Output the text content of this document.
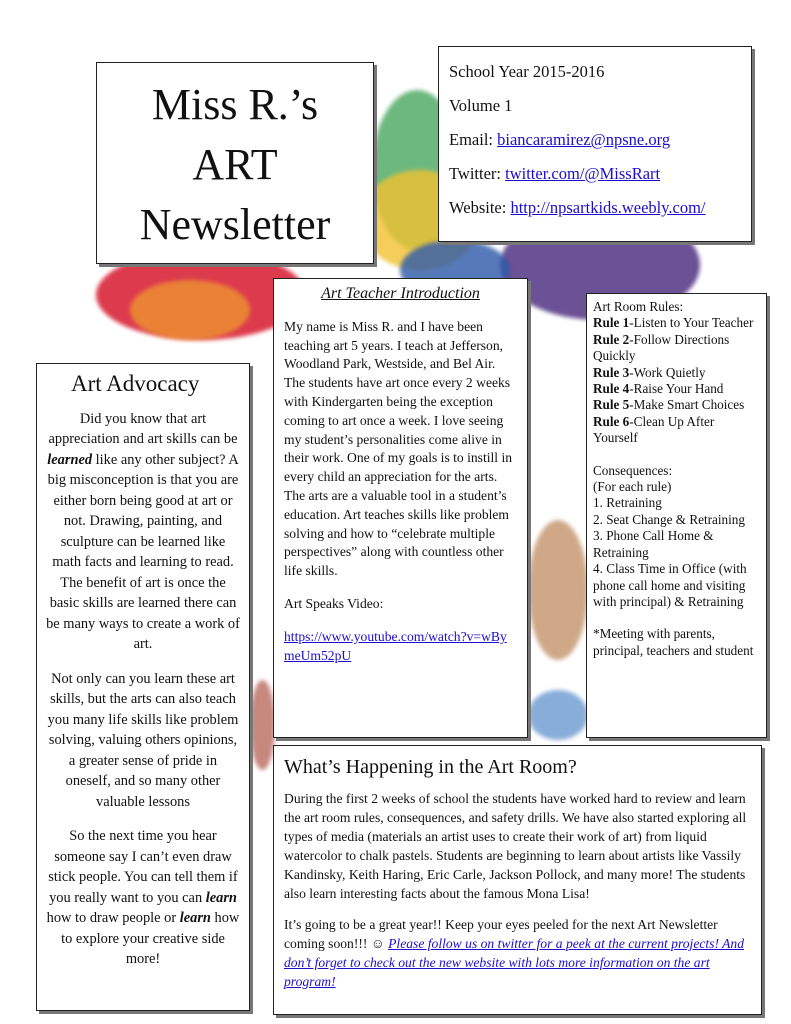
Miss R.’s
ART
Newsletter
School Year 2015-2016
Volume 1
Email: biancaramirez@npsne.org
Twitter: twitter.com/@MissRart
Website: http://npsartkids.weebly.com/
Art Advocacy

Did you know that art appreciation and art skills can be learned like any other subject? A big misconception is that you are either born being good at art or not. Drawing, painting, and sculpture can be learned like math facts and learning to read. The benefit of art is once the basic skills are learned there can be many ways to create a work of art.

Not only can you learn these art skills, but the arts can also teach you many life skills like problem solving, valuing others opinions, a greater sense of pride in oneself, and so many other valuable lessons

So the next time you hear someone say I can’t even draw stick people. You can tell them if you really want to you can learn how to draw people or learn how to explore your creative side more!

Art Teacher Introduction

My name is Miss R. and I have been teaching art 5 years. I teach at Jefferson, Woodland Park, Westside, and Bel Air. The students have art once every 2 weeks with Kindergarten being the exception coming to art once a week. I love seeing my student’s personalities come alive in their work. One of my goals is to instill in every child an appreciation for the arts. The arts are a valuable tool in a student’s education. Art teaches skills like problem solving and how to “celebrate multiple perspectives” along with countless other life skills.

Art Speaks Video:

https://www.youtube.com/watch?v=wBymeUm52pU

Art Room Rules:
Rule 1-Listen to Your Teacher
Rule 2-Follow Directions Quickly
Rule 3-Work Quietly
Rule 4-Raise Your Hand
Rule 5-Make Smart Choices
Rule 6-Clean Up After Yourself
Consequences:
(For each rule)
1. Retraining
2. Seat Change & Retraining
3. Phone Call Home & Retraining
4. Class Time in Office (with phone call home and visiting with principal) & Retraining
*Meeting with parents, principal, teachers and student
What’s Happening in the Art Room?

During the first 2 weeks of school the students have worked hard to review and learn the art room rules, consequences, and safety drills. We have also started exploring all types of media (materials an artist uses to create their work of art) from liquid watercolor to chalk pastels. Students are beginning to learn about artists like Vassily Kandinsky, Keith Haring, Eric Carle, Jackson Pollock, and many more! The students also learn interesting facts about the famous Mona Lisa!

It’s going to be a great year!! Keep your eyes peeled for the next Art Newsletter coming soon!!! ☺ Please follow us on twitter for a peek at the current projects! And don’t forget to check out the new website with lots more information on the art program!
